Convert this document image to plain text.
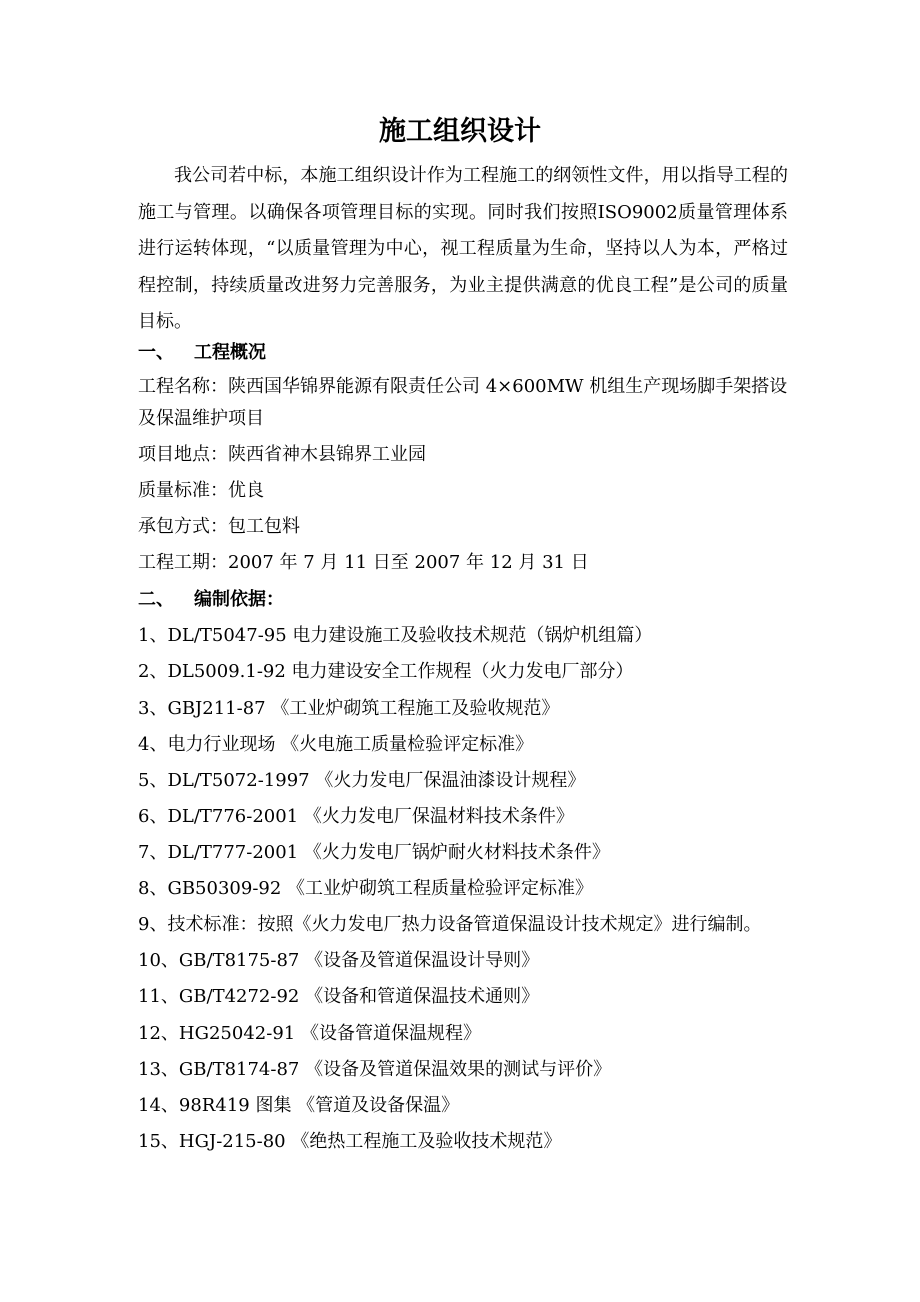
施工组织设计

我公司若中标，本施工组织设计作为工程施工的纲领性文件，用以指导工程的施工与管理。以确保各项管理目标的实现。同时我们按照ISO9002质量管理体系进行运转体现，“以质量管理为中心，视工程质量为生命，坚持以人为本，严格过程控制，持续质量改进努力完善服务，为业主提供满意的优良工程”是公司的质量目标。

一、 工程概况
工程名称：陕西国华锦界能源有限责任公司 4×600MW 机组生产现场脚手架搭设
及保温维护项目
项目地点：陕西省神木县锦界工业园
质量标准：优良
承包方式：包工包料
工程工期：2007 年 7 月 11 日至 2007 年 12 月 31 日
二、 编制依据：
1、DL/T5047-95 电力建设施工及验收技术规范（锅炉机组篇）
2、DL5009.1-92 电力建设安全工作规程（火力发电厂部分）
3、GBJ211-87 《工业炉砌筑工程施工及验收规范》
4、电力行业现场 《火电施工质量检验评定标准》
5、DL/T5072-1997 《火力发电厂保温油漆设计规程》
6、DL/T776-2001 《火力发电厂保温材料技术条件》
7、DL/T777-2001 《火力发电厂锅炉耐火材料技术条件》
8、GB50309-92 《工业炉砌筑工程质量检验评定标准》
9、技术标准：按照《火力发电厂热力设备管道保温设计技术规定》进行编制。
10、GB/T8175-87 《设备及管道保温设计导则》
11、GB/T4272-92 《设备和管道保温技术通则》
12、HG25042-91 《设备管道保温规程》
13、GB/T8174-87 《设备及管道保温效果的测试与评价》
14、98R419 图集 《管道及设备保温》
15、HGJ-215-80 《绝热工程施工及验收技术规范》
